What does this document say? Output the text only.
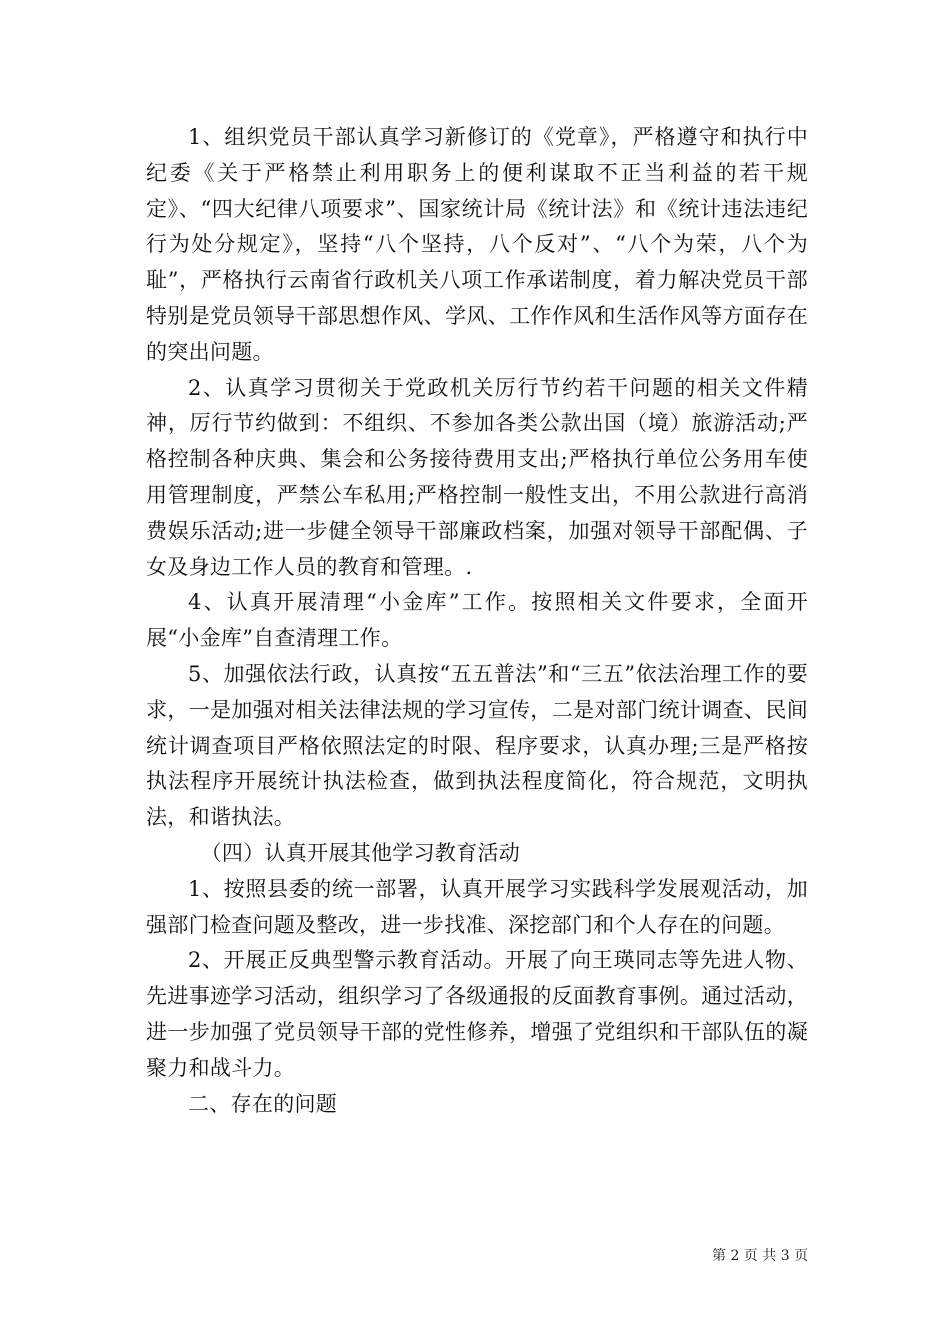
1、组织党员干部认真学习新修订的《党章》，严格遵守和执行中纪委《关于严格禁止利用职务上的便利谋取不正当利益的若干规定》、“四大纪律八项要求”、国家统计局《统计法》和《统计违法违纪行为处分规定》，坚持“八个坚持，八个反对”、“八个为荣，八个为耻”，严格执行云南省行政机关八项工作承诺制度，着力解决党员干部特别是党员领导干部思想作风、学风、工作作风和生活作风等方面存在的突出问题。

2、认真学习贯彻关于党政机关厉行节约若干问题的相关文件精神，厉行节约做到：不组织、不参加各类公款出国（境）旅游活动;严格控制各种庆典、集会和公务接待费用支出;严格执行单位公务用车使用管理制度，严禁公车私用;严格控制一般性支出，不用公款进行高消费娱乐活动;进一步健全领导干部廉政档案，加强对领导干部配偶、子女及身边工作人员的教育和管理。.

4、认真开展清理“小金库”工作。按照相关文件要求，全面开展“小金库”自查清理工作。

5、加强依法行政，认真按“五五普法”和“三五”依法治理工作的要求，一是加强对相关法律法规的学习宣传，二是对部门统计调查、民间统计调查项目严格依照法定的时限、程序要求，认真办理;三是严格按执法程序开展统计执法检查，做到执法程度简化，符合规范，文明执法，和谐执法。

（四）认真开展其他学习教育活动

1、按照县委的统一部署，认真开展学习实践科学发展观活动，加强部门检查问题及整改，进一步找准、深挖部门和个人存在的问题。

2、开展正反典型警示教育活动。开展了向王瑛同志等先进人物、先进事迹学习活动，组织学习了各级通报的反面教育事例。通过活动，进一步加强了党员领导干部的党性修养，增强了党组织和干部队伍的凝聚力和战斗力。

二、存在的问题

第 2 页 共 3 页
